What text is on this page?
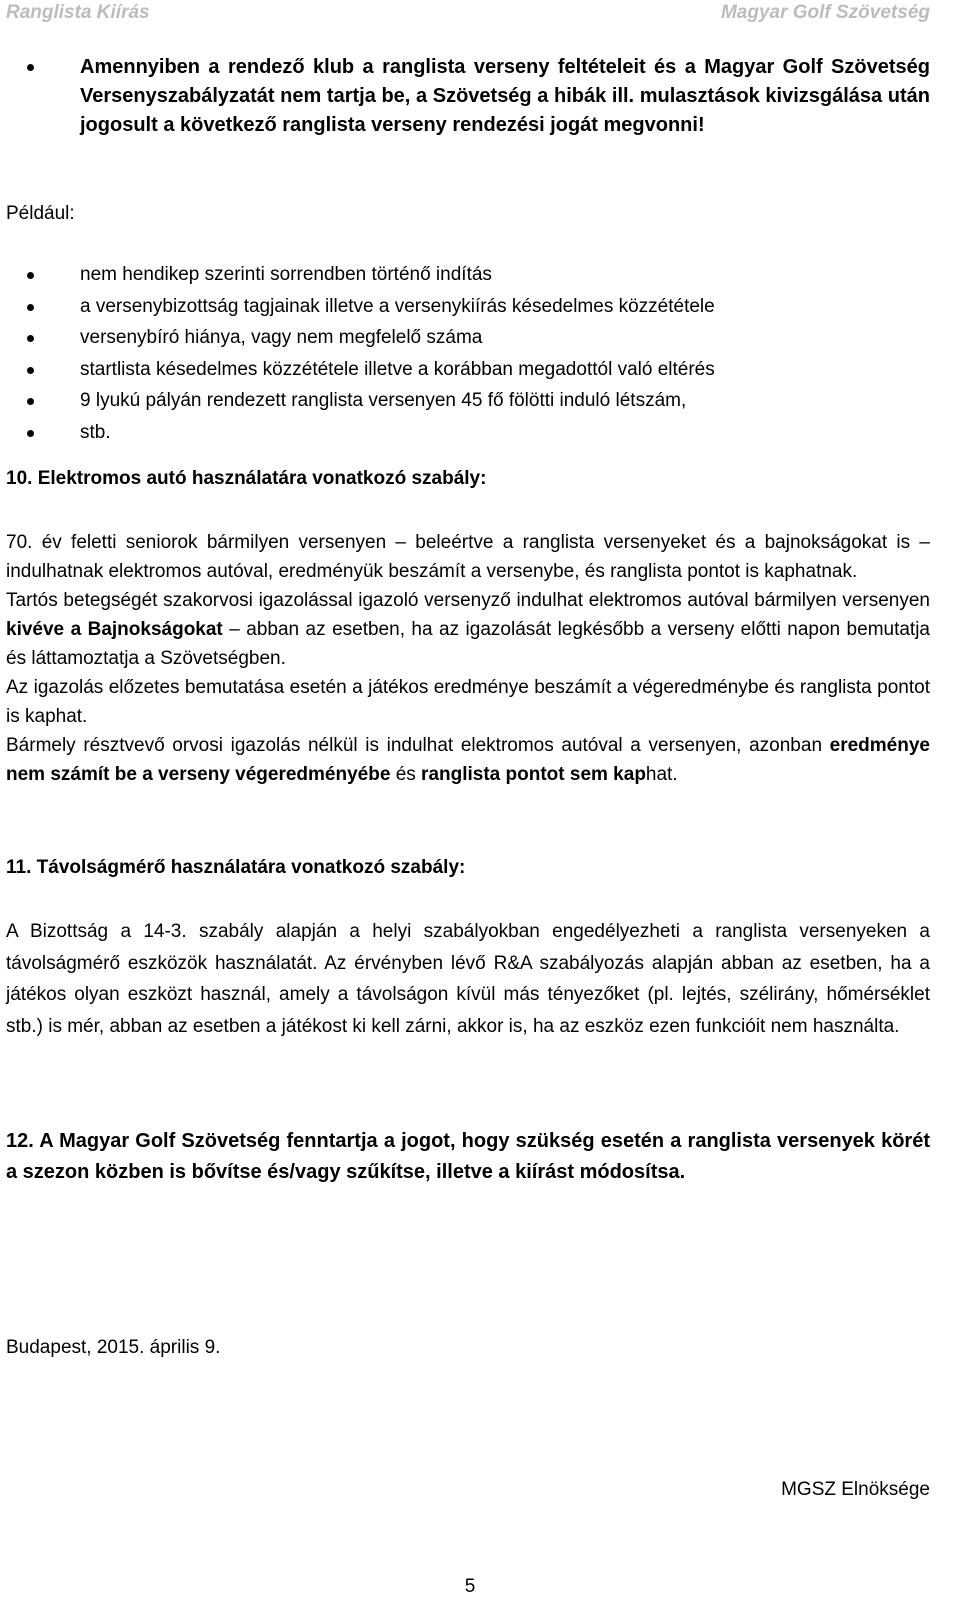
Ranglista Kiírás	Magyar Golf Szövetség
Amennyiben a rendező klub a ranglista verseny feltételeit és a Magyar Golf Szövetség Versenyszabályzatát nem tartja be, a Szövetség a hibák ill. mulasztások kivizsgálása után jogosult a következő ranglista verseny rendezési jogát megvonni!
Például:
nem hendikep szerinti sorrendben történő indítás
a versenybizottság tagjainak illetve a versenykiírás késedelmes közzététele
versenybíró hiánya, vagy nem megfelelő száma
startlista késedelmes közzététele illetve a korábban megadottól való eltérés
9 lyukú pályán rendezett ranglista versenyen 45 fő fölötti induló létszám,
stb.
10. Elektromos autó használatára vonatkozó szabály:

70. év feletti seniorok bármilyen versenyen – beleértve a ranglista versenyeket és a bajnokságokat is – indulhatnak elektromos autóval, eredményük beszámít a versenybe, és ranglista pontot is kaphatnak.

Tartós betegségét szakorvosi igazolással igazoló versenyző indulhat elektromos autóval bármilyen versenyen kivéve a Bajnokságokat – abban az esetben, ha az igazolását legkésőbb a verseny előtti napon bemutatja és láttamoztatja a Szövetségben.

Az igazolás előzetes bemutatása esetén a játékos eredménye beszámít a végeredménybe és ranglista pontot is kaphat.

Bármely résztvevő orvosi igazolás nélkül is indulhat elektromos autóval a versenyen, azonban eredménye nem számít be a verseny végeredményébe és ranglista pontot sem kaphat.

11. Távolságmérő használatára vonatkozó szabály:

A Bizottság a 14-3. szabály alapján a helyi szabályokban engedélyezheti a ranglista versenyeken a távolságmérő eszközök használatát. Az érvényben lévő R&A szabályozás alapján abban az esetben, ha a játékos olyan eszközt használ, amely a távolságon kívül más tényezőket (pl. lejtés, szélirány, hőmérséklet stb.) is mér, abban az esetben a játékost ki kell zárni, akkor is, ha az eszköz ezen funkcióit nem használta.

12. A Magyar Golf Szövetség fenntartja a jogot, hogy szükség esetén a ranglista versenyek körét a szezon közben is bővítse és/vagy szűkítse, illetve a kiírást módosítsa.

Budapest, 2015. április 9.
MGSZ Elnöksége
5
